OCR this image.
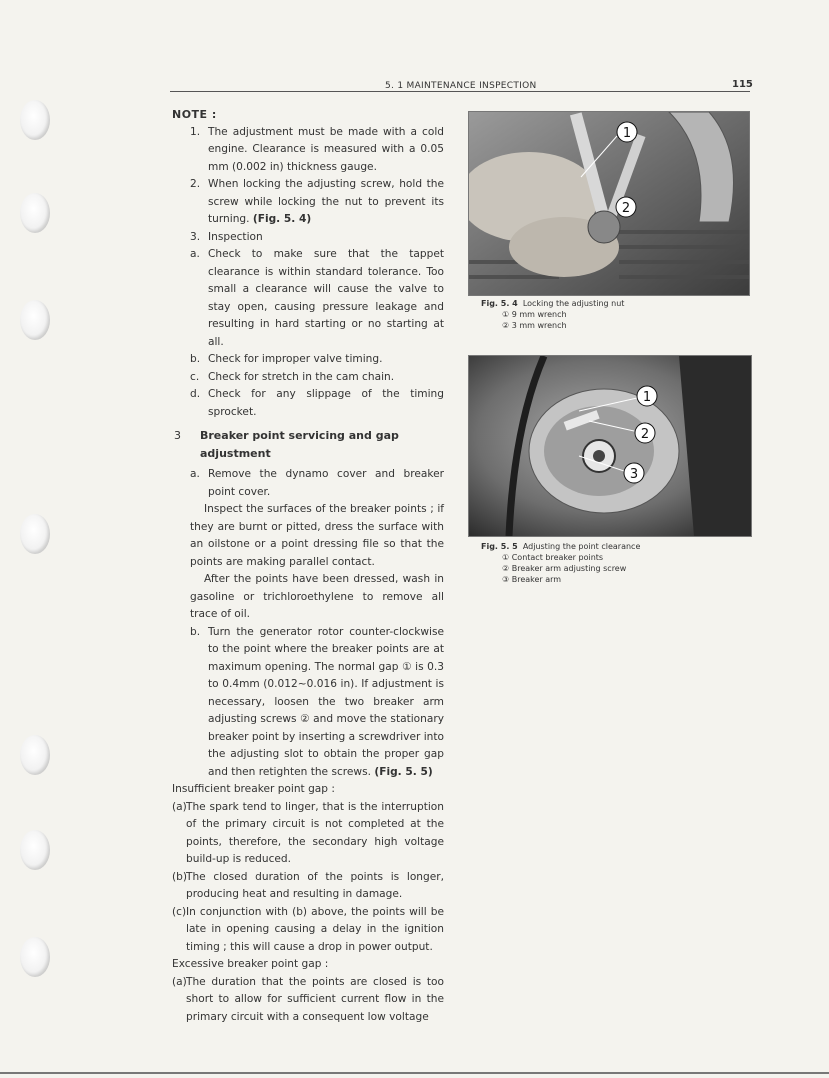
5. 1 MAINTENANCE INSPECTION	115

NOTE :

1. The adjustment must be made with a cold engine. Clearance is measured with a 0.05 mm (0.002 in) thickness gauge.
2. When locking the adjusting screw, hold the screw while locking the nut to prevent its turning. (Fig. 5. 4)
3. Inspection
a. Check to make sure that the tappet clearance is within standard tolerance. Too small a clearance will cause the valve to stay open, causing pressure leakage and resulting in hard starting or no starting at all.
b. Check for improper valve timing.
c. Check for stretch in the cam chain.
d. Check for any slippage of the timing sprocket.
3 Breaker point servicing and gap adjustment
a. Remove the dynamo cover and breaker point cover.

Inspect the surfaces of the breaker points ; if they are burnt or pitted, dress the surface with an oilstone or a point dressing file so that the points are making parallel contact.

After the points have been dressed, wash in gasoline or trichloroethylene to remove all trace of oil.

b. Turn the generator rotor counter-clockwise to the point where the breaker points are at maximum opening. The normal gap ① is 0.3 to 0.4mm (0.012~0.016 in). If adjustment is necessary, loosen the two breaker arm adjusting screws ② and move the stationary breaker point by inserting a screwdriver into the adjusting slot to obtain the proper gap and then retighten the screws. (Fig. 5. 5)

Insufficient breaker point gap :

(a) The spark tend to linger, that is the interruption of the primary circuit is not completed at the points, therefore, the secondary high voltage build-up is reduced.
(b) The closed duration of the points is longer, producing heat and resulting in damage.
(c) In conjunction with (b) above, the points will be late in opening causing a delay in the ignition timing ; this will cause a drop in power output.

Excessive breaker point gap :

(a) The duration that the points are closed is too short to allow for sufficient current flow in the primary circuit with a consequent low voltage
1
2
Fig. 5. 4 Locking the adjusting nut
① 9 mm wrench
② 3 mm wrench
1
2
3
Fig. 5. 5 Adjusting the point clearance
① Contact breaker points
② Breaker arm adjusting screw
③ Breaker arm
